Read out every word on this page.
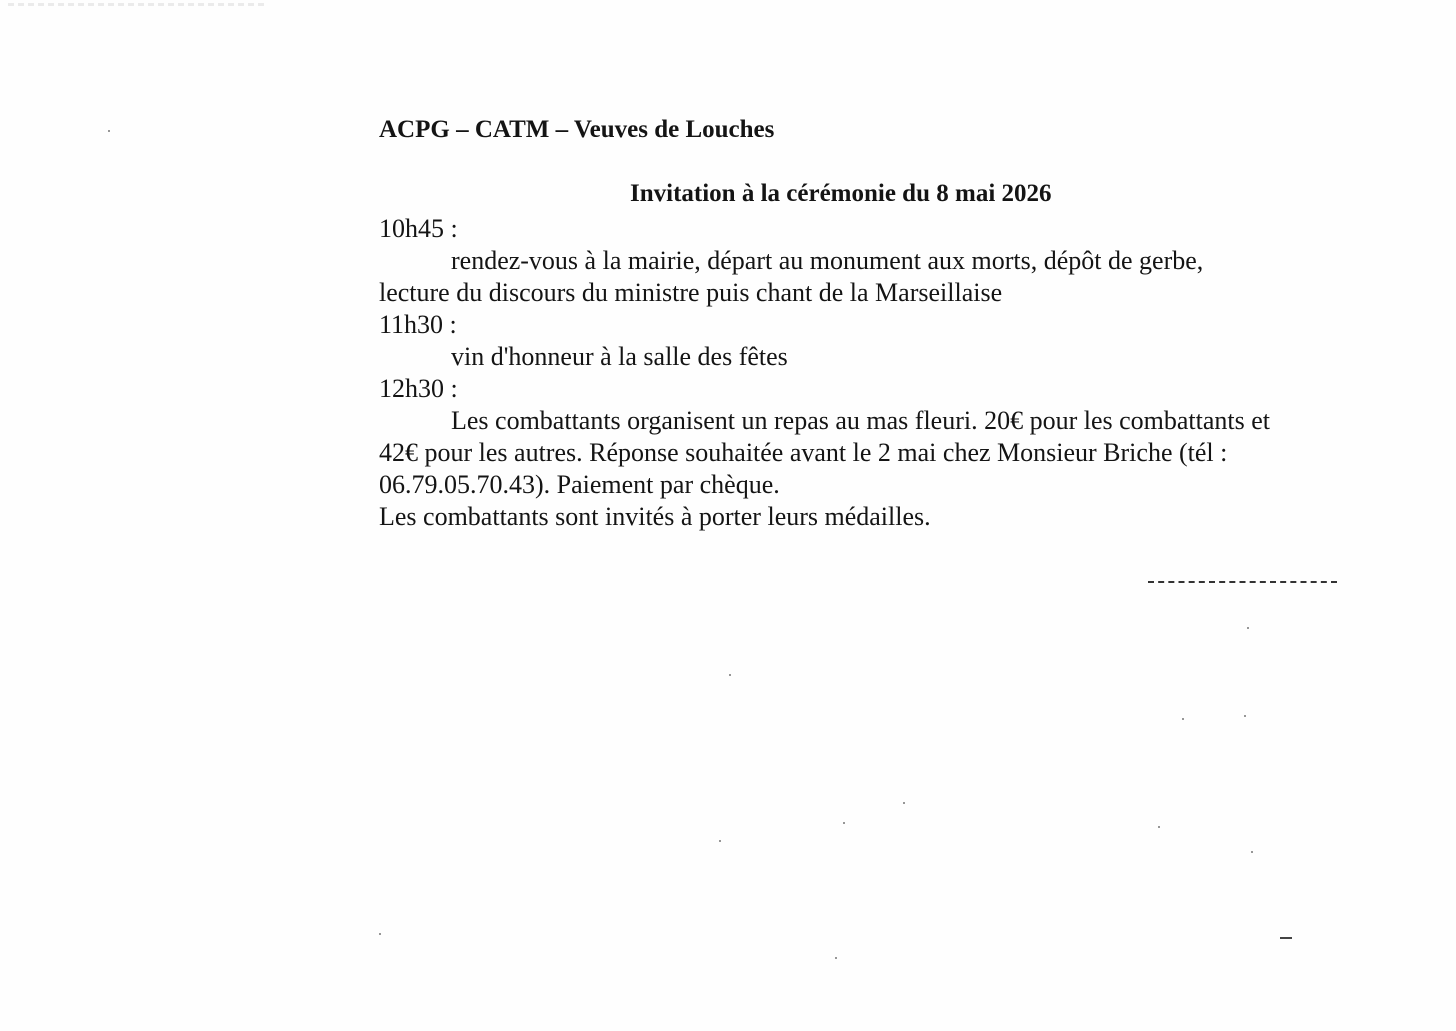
ACPG – CATM – Veuves de Louches
Invitation à la cérémonie du 8 mai 2026
10h45 :
rendez-vous à la mairie, départ au monument aux morts, dépôt de gerbe,
lecture du discours du ministre puis chant de la Marseillaise
11h30 :
vin d'honneur à la salle des fêtes
12h30 :
Les combattants organisent un repas au mas fleuri. 20€ pour les combattants et
42€ pour les autres. Réponse souhaitée avant le 2 mai chez Monsieur Briche (tél :
06.79.05.70.43). Paiement par chèque.
Les combattants sont invités à porter leurs médailles.
